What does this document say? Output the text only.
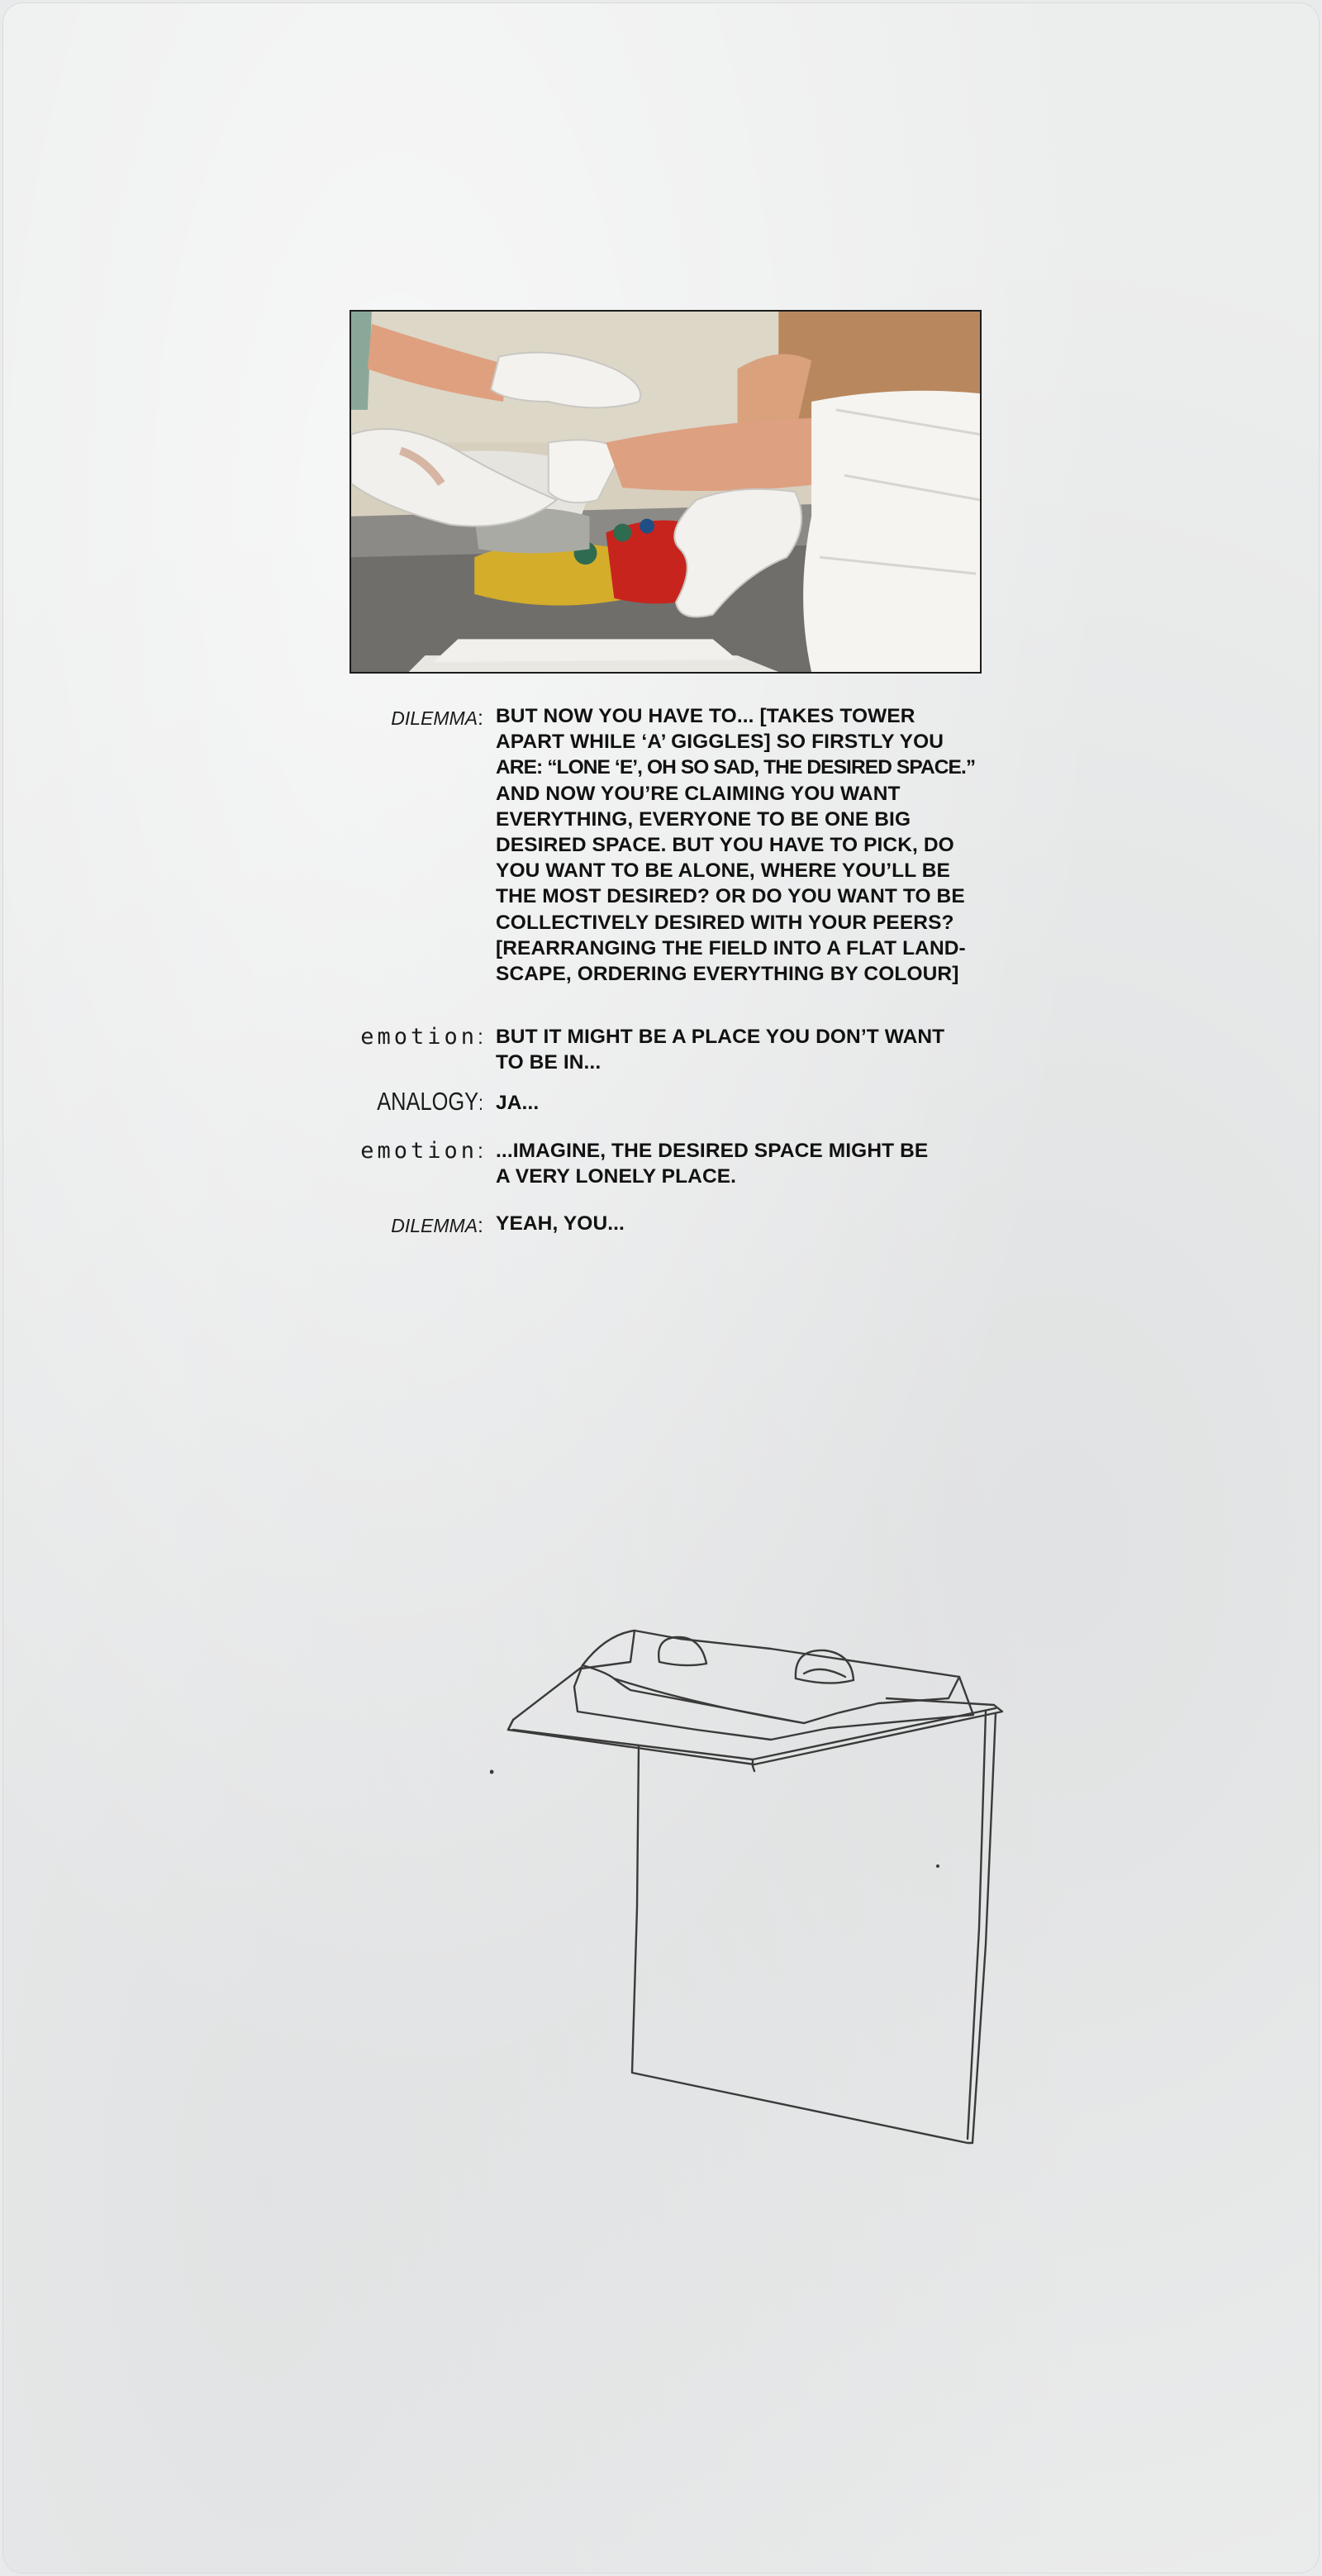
DILEMMA: BUT NOW YOU HAVE TO... [TAKES TOWER
APART WHILE ‘A’ GIGGLES] SO FIRSTLY YOU
ARE: “LONE ‘E’, OH SO SAD, THE DESIRED SPACE.”
AND NOW YOU’RE CLAIMING YOU WANT
EVERYTHING, EVERYONE TO BE ONE BIG
DESIRED SPACE. BUT YOU HAVE TO PICK, DO
YOU WANT TO BE ALONE, WHERE YOU’LL BE
THE MOST DESIRED? OR DO YOU WANT TO BE
COLLECTIVELY DESIRED WITH YOUR PEERS?
[REARRANGING THE FIELD INTO A FLAT LAND-
SCAPE, ORDERING EVERYTHING BY COLOUR]
emotion: BUT IT MIGHT BE A PLACE YOU DON’T WANT
TO BE IN...
ANALOGY: JA...
emotion: ...IMAGINE, THE DESIRED SPACE MIGHT BE
A VERY LONELY PLACE.
DILEMMA: YEAH, YOU...
